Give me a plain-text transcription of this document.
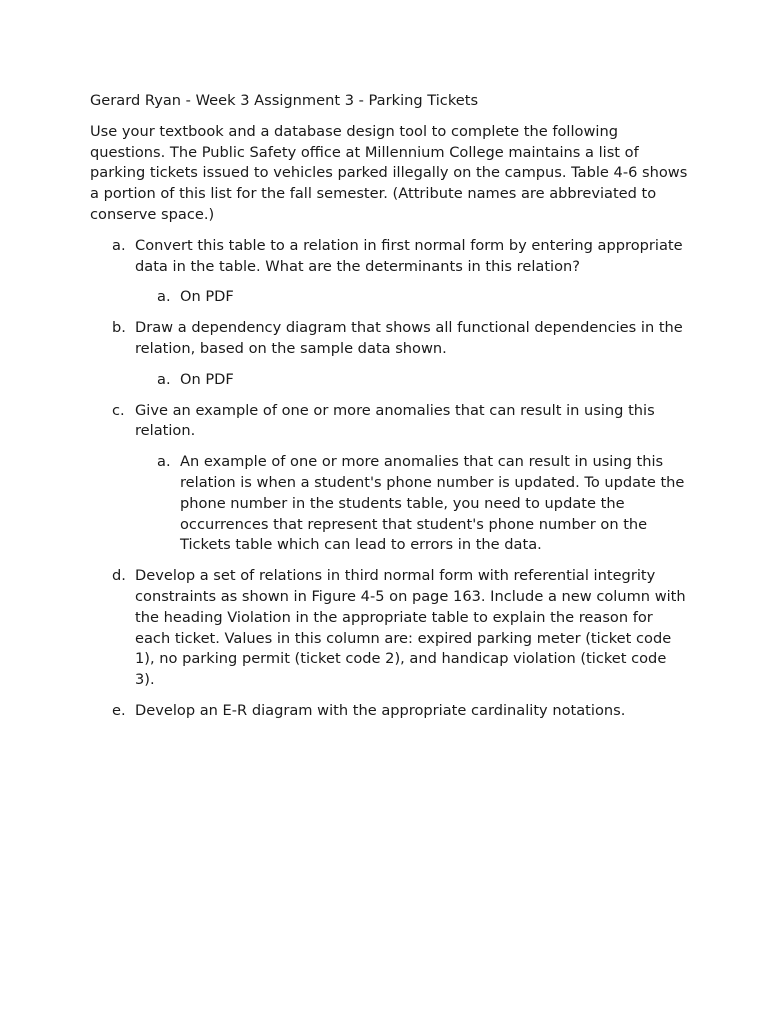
Gerard Ryan - Week 3 Assignment 3 - Parking Tickets

Use your textbook and a database design tool to complete the following questions. The Public Safety office at Millennium College maintains a list of parking tickets issued to vehicles parked illegally on the campus. Table 4-6 shows a portion of this list for the fall semester. (Attribute names are abbreviated to conserve space.)

a. Convert this table to a relation in first normal form by entering appropriate data in the table. What are the determinants in this relation?
a. On PDF
b. Draw a dependency diagram that shows all functional dependencies in the relation, based on the sample data shown.
a. On PDF
c. Give an example of one or more anomalies that can result in using this relation.
a. An example of one or more anomalies that can result in using this relation is when a student's phone number is updated. To update the phone number in the students table, you need to update the occurrences that represent that student's phone number on the Tickets table which can lead to errors in the data.
d. Develop a set of relations in third normal form with referential integrity constraints as shown in Figure 4-5 on page 163. Include a new column with the heading Violation in the appropriate table to explain the reason for each ticket. Values in this column are: expired parking meter (ticket code 1), no parking permit (ticket code 2), and handicap violation (ticket code 3).
e. Develop an E-R diagram with the appropriate cardinality notations.
